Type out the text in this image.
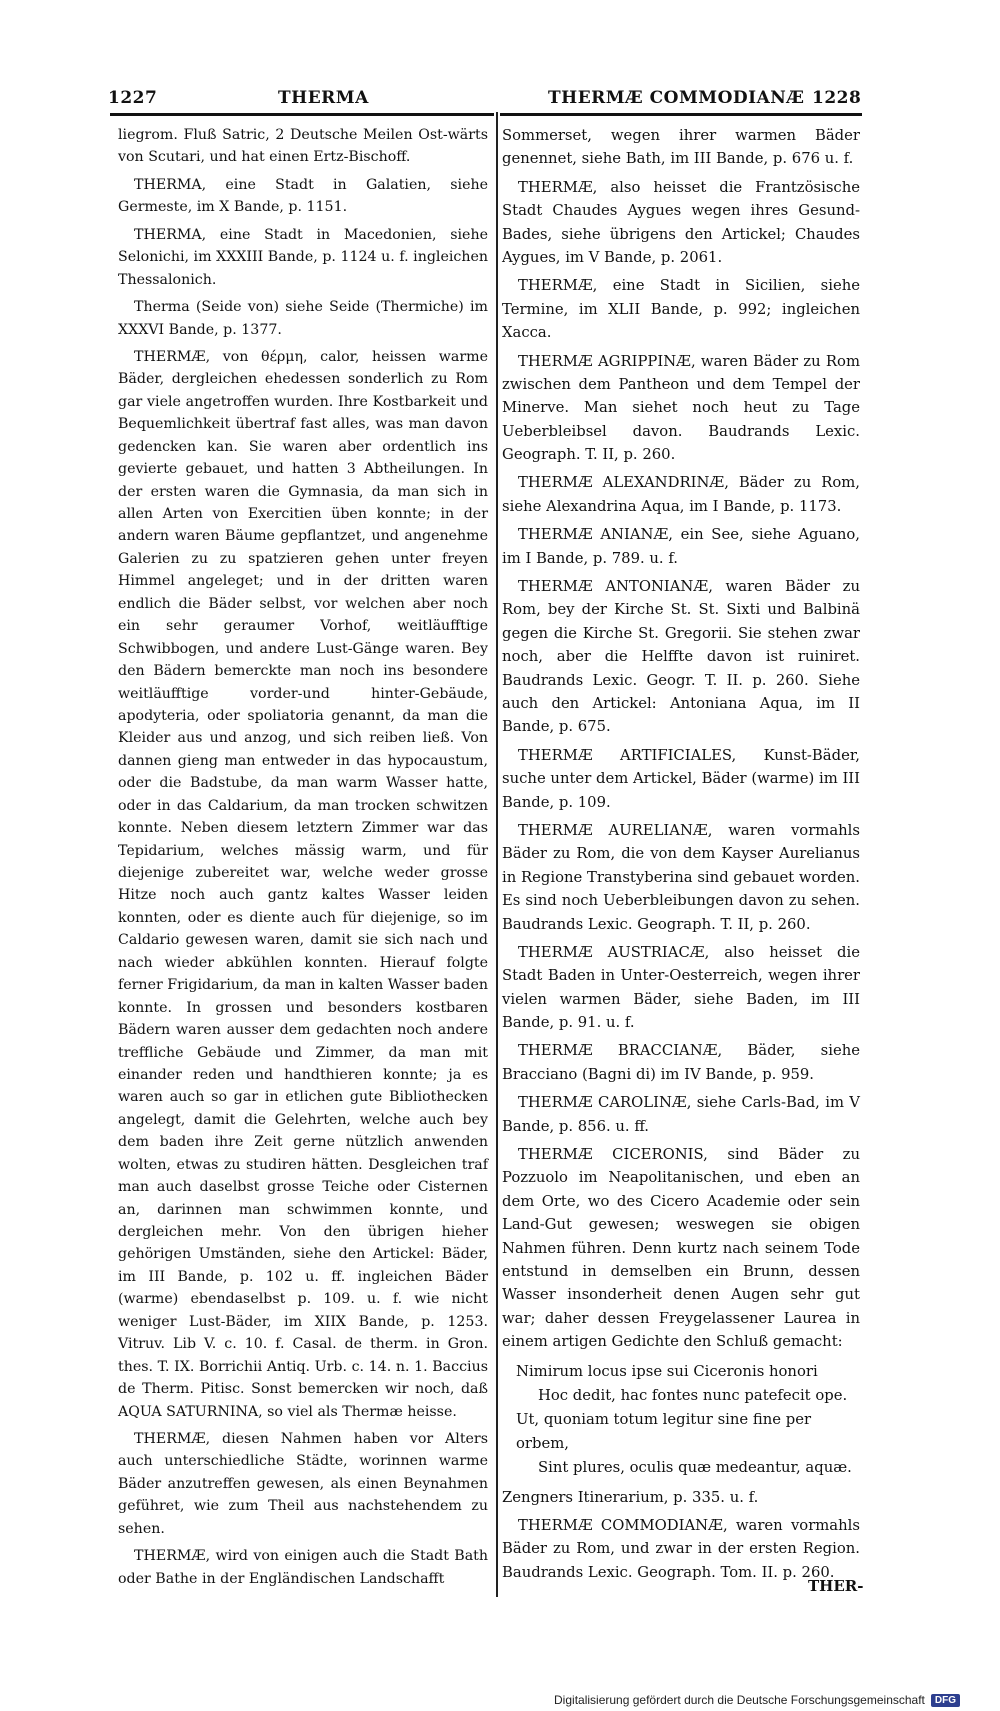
1227	THERMA	THERMÆ COMMODIANÆ 1228

liegrom. Fluß Satric, 2 Deutsche Meilen Ost-wärts von Scutari, und hat einen Ertz-Bischoff.

THERMA, eine Stadt in Galatien, siehe Germeste, im X Bande, p. 1151.

THERMA, eine Stadt in Macedonien, siehe Selonichi, im XXXIII Bande, p. 1124 u. f. ingleichen Thessalonich.

Therma (Seide von) siehe Seide (Thermiche) im XXXVI Bande, p. 1377.

THERMÆ, von θέρμη, calor, heissen warme Bäder, dergleichen ehedessen sonderlich zu Rom gar viele angetroffen wurden. Ihre Kostbarkeit und Bequemlichkeit übertraf fast alles, was man davon gedencken kan. Sie waren aber ordentlich ins gevierte gebauet, und hatten 3 Abtheilungen. In der ersten waren die Gymnasia, da man sich in allen Arten von Exercitien üben konnte; in der andern waren Bäume gepflantzet, und angenehme Galerien zu zu spatzieren gehen unter freyen Himmel angeleget; und in der dritten waren endlich die Bäder selbst, vor welchen aber noch ein sehr geraumer Vorhof, weitläufftige Schwibbogen, und andere Lust-Gänge waren. Bey den Bädern bemerckte man noch ins besondere weitläufftige vorder-und hinter-Gebäude, apodyteria, oder spoliatoria genannt, da man die Kleider aus und anzog, und sich reiben ließ. Von dannen gieng man entweder in das hypocaustum, oder die Badstube, da man warm Wasser hatte, oder in das Caldarium, da man trocken schwitzen konnte. Neben diesem letztern Zimmer war das Tepidarium, welches mässig warm, und für diejenige zubereitet war, welche weder grosse Hitze noch auch gantz kaltes Wasser leiden konnten, oder es diente auch für diejenige, so im Caldario gewesen waren, damit sie sich nach und nach wieder abkühlen konnten. Hierauf folgte ferner Frigidarium, da man in kalten Wasser baden konnte. In grossen und besonders kostbaren Bädern waren ausser dem gedachten noch andere treffliche Gebäude und Zimmer, da man mit einander reden und handthieren konnte; ja es waren auch so gar in etlichen gute Bibliothecken angelegt, damit die Gelehrten, welche auch bey dem baden ihre Zeit gerne nützlich anwenden wolten, etwas zu studiren hätten. Desgleichen traf man auch daselbst grosse Teiche oder Cisternen an, darinnen man schwimmen konnte, und dergleichen mehr. Von den übrigen hieher gehörigen Umständen, siehe den Artickel: Bäder, im III Bande, p. 102 u. ff. ingleichen Bäder (warme) ebendaselbst p. 109. u. f. wie nicht weniger Lust-Bäder, im XIIX Bande, p. 1253. Vitruv. Lib V. c. 10. f. Casal. de therm. in Gron. thes. T. IX. Borrichii Antiq. Urb. c. 14. n. 1. Baccius de Therm. Pitisc. Sonst bemercken wir noch, daß AQUA SATURNINA, so viel als Thermæ heisse.

THERMÆ, diesen Nahmen haben vor Alters auch unterschiedliche Städte, worinnen warme Bäder anzutreffen gewesen, als einen Beynahmen geführet, wie zum Theil aus nachstehendem zu sehen.

THERMÆ, wird von einigen auch die Stadt Bath oder Bathe in der Engländischen Landschafft

Sommerset, wegen ihrer warmen Bäder genennet, siehe Bath, im III Bande, p. 676 u. f.

THERMÆ, also heisset die Frantzösische Stadt Chaudes Aygues wegen ihres Gesund-Bades, siehe übrigens den Artickel; Chaudes Aygues, im V Bande, p. 2061.

THERMÆ, eine Stadt in Sicilien, siehe Termine, im XLII Bande, p. 992; ingleichen Xacca.

THERMÆ AGRIPPINÆ, waren Bäder zu Rom zwischen dem Pantheon und dem Tempel der Minerve. Man siehet noch heut zu Tage Ueberbleibsel davon. Baudrands Lexic. Geograph. T. II, p. 260.

THERMÆ ALEXANDRINÆ, Bäder zu Rom, siehe Alexandrina Aqua, im I Bande, p. 1173.

THERMÆ ANIANÆ, ein See, siehe Aguano, im I Bande, p. 789. u. f.

THERMÆ ANTONIANÆ, waren Bäder zu Rom, bey der Kirche St. St. Sixti und Balbinä gegen die Kirche St. Gregorii. Sie stehen zwar noch, aber die Helffte davon ist ruiniret. Baudrands Lexic. Geogr. T. II. p. 260. Siehe auch den Artickel: Antoniana Aqua, im II Bande, p. 675.

THERMÆ ARTIFICIALES, Kunst-Bäder, suche unter dem Artickel, Bäder (warme) im III Bande, p. 109.

THERMÆ AURELIANÆ, waren vormahls Bäder zu Rom, die von dem Kayser Aurelianus in Regione Transtyberina sind gebauet worden. Es sind noch Ueberbleibungen davon zu sehen. Baudrands Lexic. Geograph. T. II, p. 260.

THERMÆ AUSTRIACÆ, also heisset die Stadt Baden in Unter-Oesterreich, wegen ihrer vielen warmen Bäder, siehe Baden, im III Bande, p. 91. u. f.

THERMÆ BRACCIANÆ, Bäder, siehe Bracciano (Bagni di) im IV Bande, p. 959.

THERMÆ CAROLINÆ, siehe Carls-Bad, im V Bande, p. 856. u. ff.

THERMÆ CICERONIS, sind Bäder zu Pozzuolo im Neapolitanischen, und eben an dem Orte, wo des Cicero Academie oder sein Land-Gut gewesen; weswegen sie obigen Nahmen führen. Denn kurtz nach seinem Tode entstund in demselben ein Brunn, dessen Wasser insonderheit denen Augen sehr gut war; daher dessen Freygelassener Laurea in einem artigen Gedichte den Schluß gemacht:

Nimirum locus ipse sui Ciceronis honori
Hoc dedit, hac fontes nunc patefecit ope.
Ut, quoniam totum legitur sine fine per orbem,
Sint plures, oculis quæ medeantur, aquæ.

Zengners Itinerarium, p. 335. u. f.

THERMÆ COMMODIANÆ, waren vormahls Bäder zu Rom, und zwar in der ersten Region. Baudrands Lexic. Geograph. Tom. II. p. 260.

THER-
Digitalisierung gefördert durch die Deutsche Forschungsgemeinschaft	DFG
